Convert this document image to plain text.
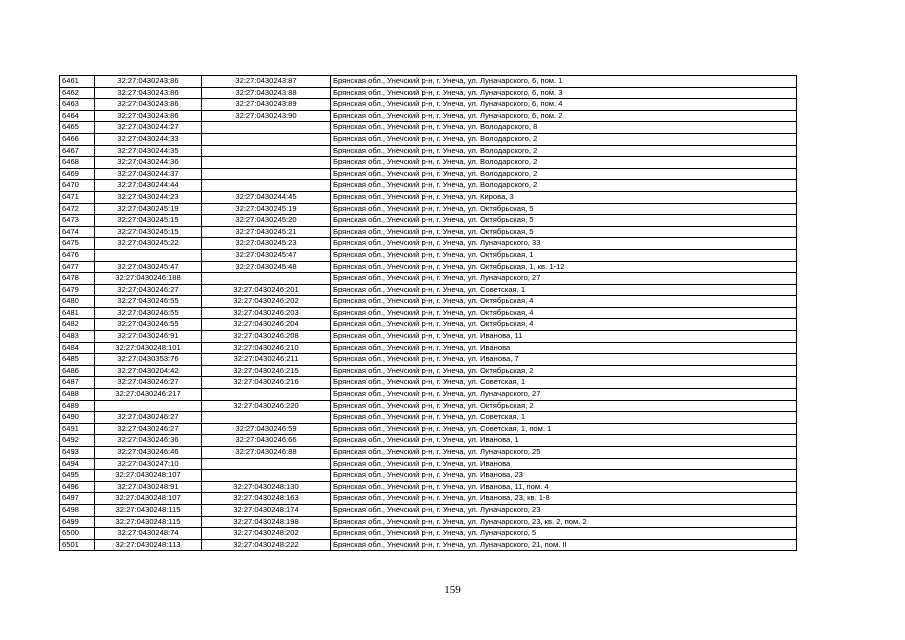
6461	32:27:0430243:86	32:27:0430243:87	Брянская обл., Унечский р-н, г. Унеча, ул. Луначарского, 6, пом. 1
6462	32:27:0430243:86	32:27:0430243:88	Брянская обл., Унечский р-н, г. Унеча, ул. Луначарского, 6, пом. 3
6463	32:27:0430243:86	32:27:0430243:89	Брянская обл., Унечский р-н, г. Унеча, ул. Луначарского, 6, пом. 4
6464	32:27:0430243:86	32:27:0430243:90	Брянская обл., Унечский р-н, г. Унеча, ул. Луначарского, 6, пом. 2
6465	32:27:0430244:27		Брянская обл., Унечский р-н, г. Унеча, ул. Володарского, 8
6466	32:27:0430244:33		Брянская обл., Унечский р-н, г. Унеча, ул. Володарского, 2
6467	32:27:0430244:35		Брянская обл., Унечский р-н, г. Унеча, ул. Володарского, 2
6468	32:27:0430244:36		Брянская обл., Унечский р-н, г. Унеча, ул. Володарского, 2
6469	32:27:0430244:37		Брянская обл., Унечский р-н, г. Унеча, ул. Володарского, 2
6470	32:27:0430244:44		Брянская обл., Унечский р-н, г. Унеча, ул. Володарского, 2
6471	32:27:0430244:23	32:27:0430244:45	Брянская обл., Унечский р-н, г. Унеча, ул. Кирова, 3
6472	32:27:0430245:19	32:27:0430245:19	Брянская обл., Унечский р-н, г. Унеча, ул. Октябрьская, 5
6473	32:27:0430245:15	32:27:0430245:20	Брянская обл., Унечский р-н, г. Унеча, ул. Октябрьская, 5
6474	32:27:0430245:15	32:27:0430245:21	Брянская обл., Унечский р-н, г. Унеча, ул. Октябрьская, 5
6475	32:27:0430245:22	32:27:0430245:23	Брянская обл., Унечский р-н, г. Унеча, ул. Луначарского, 33
6476		32:27:0430245:47	Брянская обл., Унечский р-н, г. Унеча, ул. Октябрьская, 1
6477	32:27:0430245:47	32:27:0430245:48	Брянская обл., Унечский р-н, г. Унеча, ул. Октябрьская, 1, кв. 1-12
6478	32:27:0430246:188		Брянская обл., Унечский р-н, г. Унеча, ул. Луначарского, 27
6479	32:27:0430246:27	32:27:0430246:201	Брянская обл., Унечский р-н, г. Унеча, ул. Советская, 1
6480	32:27:0430246:55	32:27:0430246:202	Брянская обл., Унечский р-н, г. Унеча, ул. Октябрьская, 4
6481	32:27:0430246:55	32:27:0430246:203	Брянская обл., Унечский р-н, г. Унеча, ул. Октябрьская, 4
6482	32:27:0430246:55	32:27:0430246:204	Брянская обл., Унечский р-н, г. Унеча, ул. Октябрьская, 4
6483	32:27:0430246:91	32:27:0430246:208	Брянская обл., Унечский р-н, г. Унеча, ул. Иванова, 11
6484	32:27:0430248:101	32:27:0430246:210	Брянская обл., Унечский р-н, г. Унеча, ул. Иванова
6485	32:27:0430353:76	32:27:0430246:211	Брянская обл., Унечский р-н, г. Унеча, ул. Иванова, 7
6486	32:27:0430204:42	32:27:0430246:215	Брянская обл., Унечский р-н, г. Унеча, ул. Октябрьская, 2
6487	32:27:0430246:27	32:27:0430246:216	Брянская обл., Унечский р-н, г. Унеча, ул. Советская, 1
6488	32:27:0430246:217		Брянская обл., Унечский р-н, г. Унеча, ул. Луначарского, 27
6489		32:27:0430246:220	Брянская обл., Унечский р-н, г. Унеча, ул. Октябрьская, 2
6490	32:27:0430246:27		Брянская обл., Унечский р-н, г. Унеча, ул. Советская, 1
6491	32:27:0430246:27	32:27:0430246:59	Брянская обл., Унечский р-н, г. Унеча, ул. Советская, 1, пом. 1
6492	32:27:0430246:36	32:27:0430246:66	Брянская обл., Унечский р-н, г. Унеча, ул. Иванова, 1
6493	32:27:0430246:46	32:27:0430246:88	Брянская обл., Унечский р-н, г. Унеча, ул. Луначарского, 25
6494	32:27:0430247:10		Брянская обл., Унечский р-н, г. Унеча, ул. Иванова
6495	32:27:0430248:107		Брянская обл., Унечский р-н, г. Унеча, ул. Иванова, 23
6496	32:27:0430248:91	32:27:0430248:130	Брянская обл., Унечский р-н, г. Унеча, ул. Иванова, 11, пом. 4
6497	32:27:0430248:107	32:27:0430248:163	Брянская обл., Унечский р-н, г. Унеча, ул. Иванова, 23, кв. 1-8
6498	32:27:0430248:115	32:27:0430248:174	Брянская обл., Унечский р-н, г. Унеча, ул. Луначарского, 23
6499	32:27:0430248:115	32:27:0430248:198	Брянская обл., Унечский р-н, г. Унеча, ул. Луначарского, 23, кв. 2, пом. 2
6500	32:27:0430248:74	32:27:0430248:202	Брянская обл., Унечский р-н, г. Унеча, ул. Луначарского, 5
6501	32:27:0430248:113	32:27:0430248:222	Брянская обл., Унечский р-н, г. Унеча, ул. Луначарского, 21, пом. II
159
